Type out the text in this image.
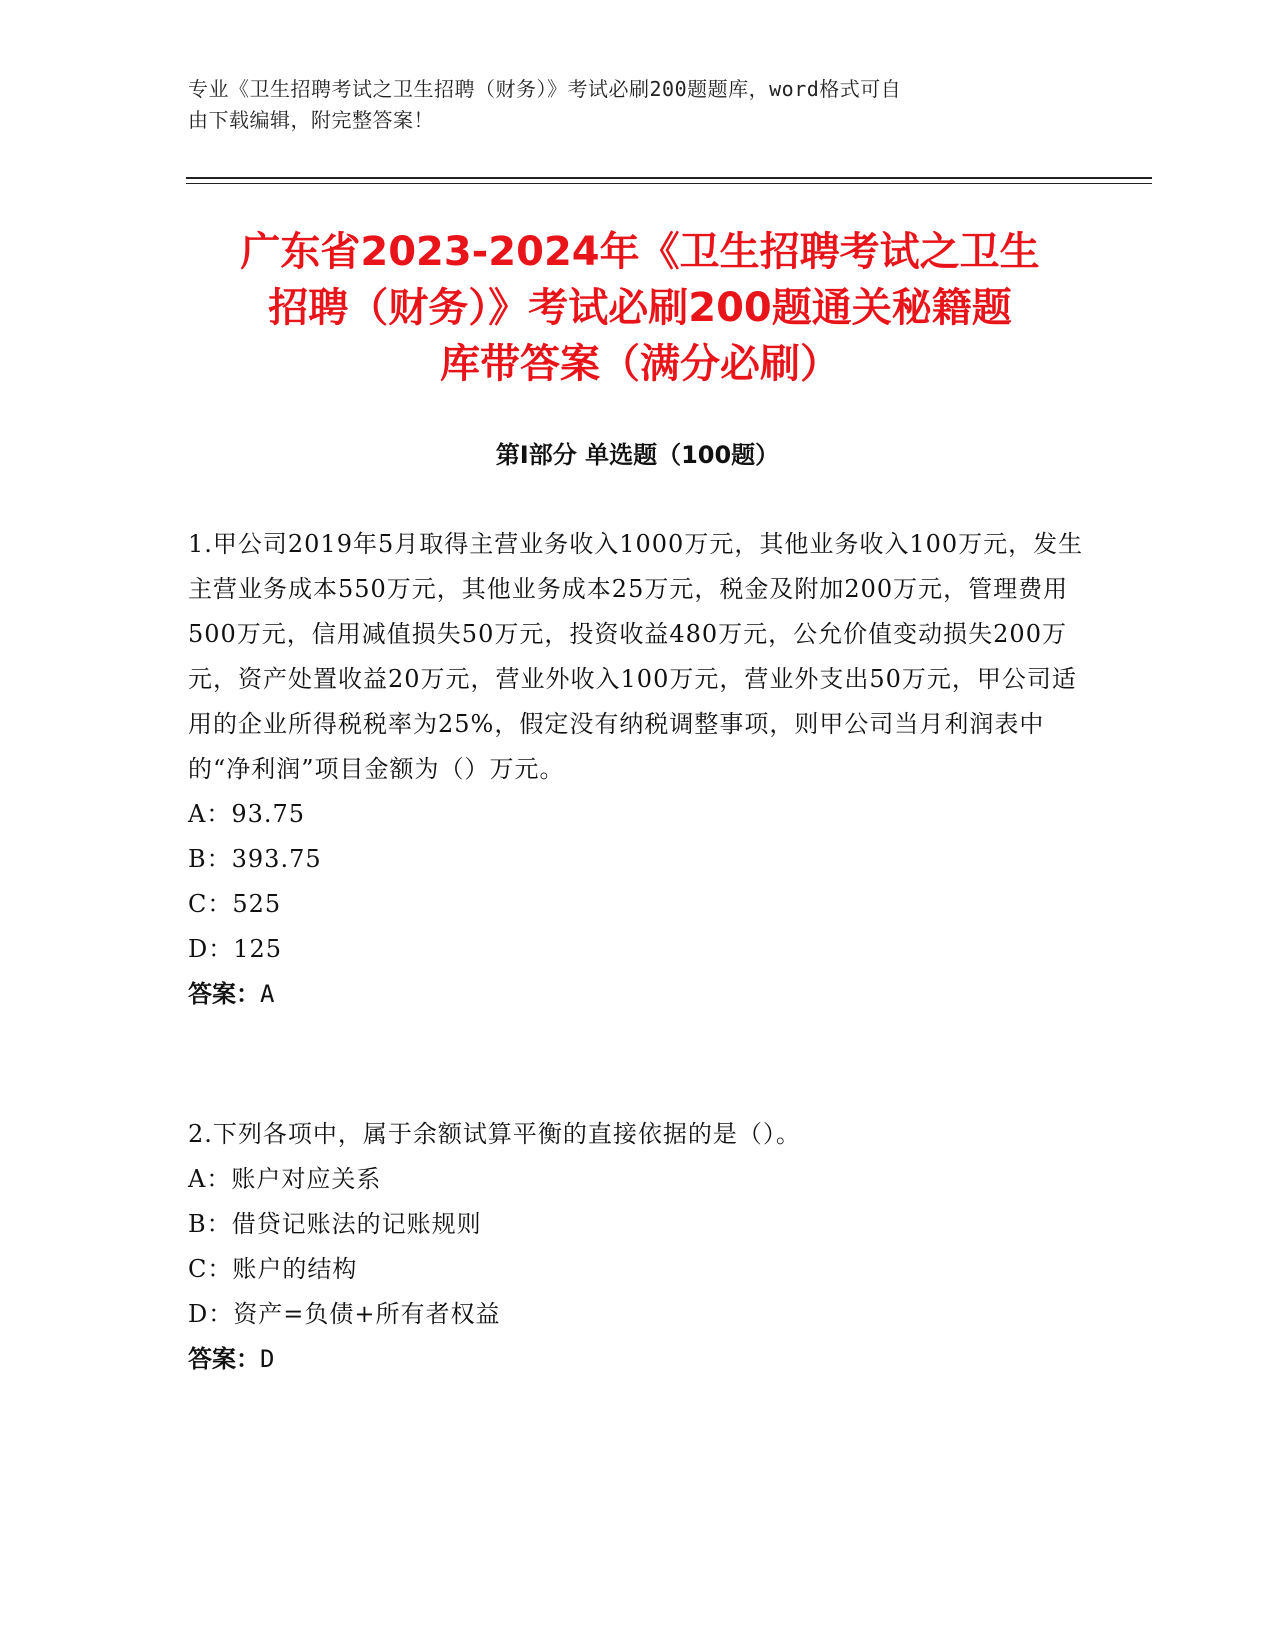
专业《卫生招聘考试之卫生招聘（财务）》考试必刷200题题库，word格式可自
由下载编辑，附完整答案！
广东省2023-2024年《卫生招聘考试之卫生
招聘（财务）》考试必刷200题通关秘籍题
库带答案（满分必刷）
第Ⅰ部分 单选题（100题）
1.甲公司2019年5月取得主营业务收入1000万元，其他业务收入100万元，发生主营业务成本550万元，其他业务成本25万元，税金及附加200万元，管理费用500万元，信用减值损失50万元，投资收益480万元，公允价值变动损失200万元，资产处置收益20万元，营业外收入100万元，营业外支出50万元，甲公司适用的企业所得税税率为25%，假定没有纳税调整事项，则甲公司当月利润表中的“净利润”项目金额为（）万元。
A：93.75
B：393.75
C：525
D：125
答案：A
2.下列各项中，属于余额试算平衡的直接依据的是（）。
A：账户对应关系
B：借贷记账法的记账规则
C：账户的结构
D：资产=负债+所有者权益
答案：D
